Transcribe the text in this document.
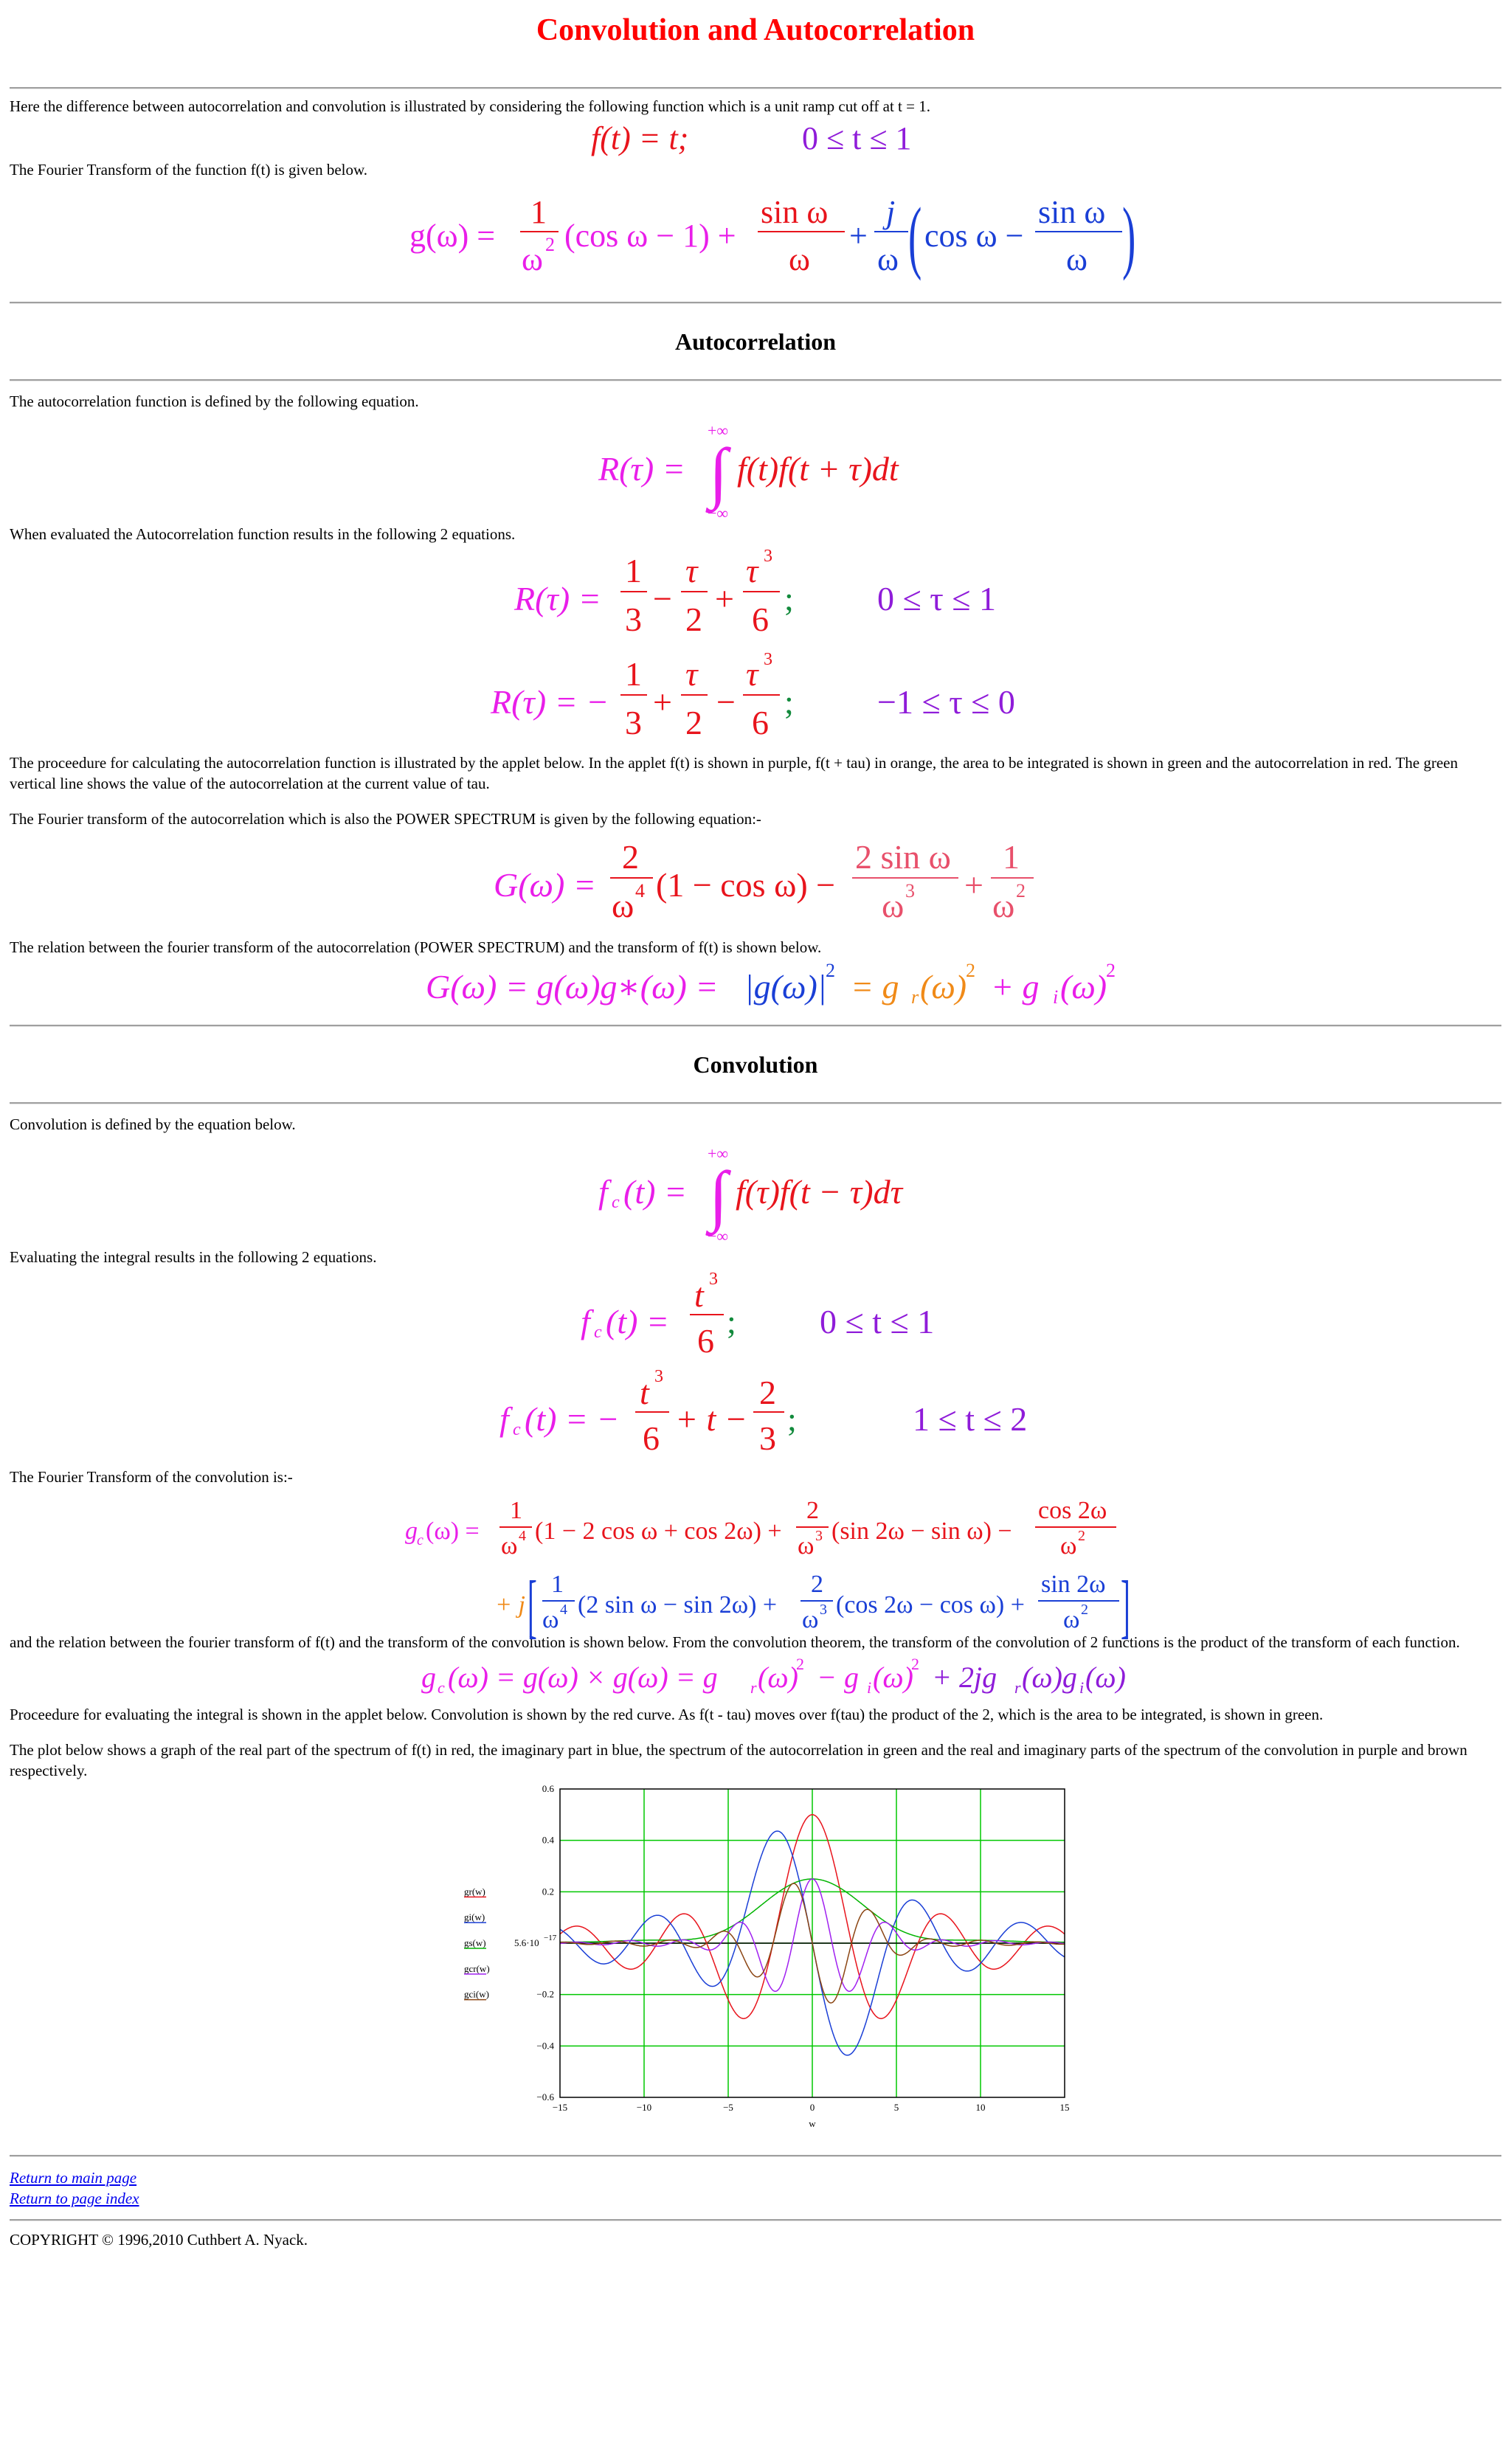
Convolution and Autocorrelation

Here the difference between autocorrelation and convolution is illustrated by considering the following function which is a unit ramp cut off at t = 1.

f(t) = t;	0 ≤ t ≤ 1

The Fourier Transform of the function f(t) is given below.

g(ω) =
1
ω 2 (cos ω − 1) +
sin ω
ω
+
j
ω ( cos ω −
sin ω
ω )
Autocorrelation

The autocorrelation function is defined by the following equation.

+∞
R(τ) = ∫ f(t)f(t + τ)dt
−∞

When evaluated the Autocorrelation function results in the following 2 equations.

R(τ) =
1
3
−
τ
2
+
τ 3
6
; 0 ≤ τ ≤ 1
R(τ) = −
1
3
+
τ
2
−
τ 3
6
; −1 ≤ τ ≤ 0

The proceedure for calculating the autocorrelation function is illustrated by the applet below. In the applet f(t) is shown in purple, f(t + tau) in orange, the area to be integrated is shown in green and the autocorrelation in red. The green vertical line shows the value of the autocorrelation at the current value of tau.

The Fourier transform of the autocorrelation which is also the POWER SPECTRUM is given by the following equation:-

G(ω) =
2
ω 4 (1 − cos ω) −
2 sin ω
ω 3 +
1
ω 2

The relation between the fourier transform of the autocorrelation (POWER SPECTRUM) and the transform of f(t) is shown below.

G(ω) = g(ω)g∗(ω) = |g(ω)|
2 = g r (ω)
2 + g i (ω)
2
Convolution

Convolution is defined by the equation below.

+∞
f c (t) = ∫ f(τ)f(t − τ)dτ
−∞

Evaluating the integral results in the following 2 equations.

f c (t) =
t 3
6
; 0 ≤ t ≤ 1
f c (t) = −
t 3
6
+ t −
2
3
;	1 ≤ t ≤ 2

The Fourier Transform of the convolution is:-

g c (ω) =
1
ω 4 (1 − 2 cos ω + cos 2ω) +
2
ω 3 (sin 2ω − sin ω) −
cos 2ω
ω 2
+ j [ 1
ω 4 (2 sin ω − sin 2ω) +
2
ω 3 (cos 2ω − cos ω) +
sin 2ω
ω 2 ]

and the relation between the fourier transform of f(t) and the transform of the convolution is shown below. From the convolution theorem, the transform of the convolution of 2 functions is the product of the transform of each function.

g c (ω) = g(ω) × g(ω) = g r (ω)
2 − g i (ω)
2 + 2jg r (ω)g i (ω)

Proceedure for evaluating the integral is shown in the applet below. Convolution is shown by the red curve. As f(t - tau) moves over f(tau) the product of the 2, which is the area to be integrated, is shown in green.

The plot below shows a graph of the real part of the spectrum of f(t) in red, the imaginary part in blue, the spectrum of the autocorrelation in green and the real and imaginary parts of the spectrum of the convolution in purple and brown respectively.

0.6
0.4
0.2
−0.2
−0.4
−0.6
−15	−10	−5	0	5	10	15
gr(w)
gi(w)
gs(w)
gcr(w)
gci(w)
5.6·10
w
−17
Return to main page
Return to page index

COPYRIGHT © 1996,2010 Cuthbert A. Nyack.
